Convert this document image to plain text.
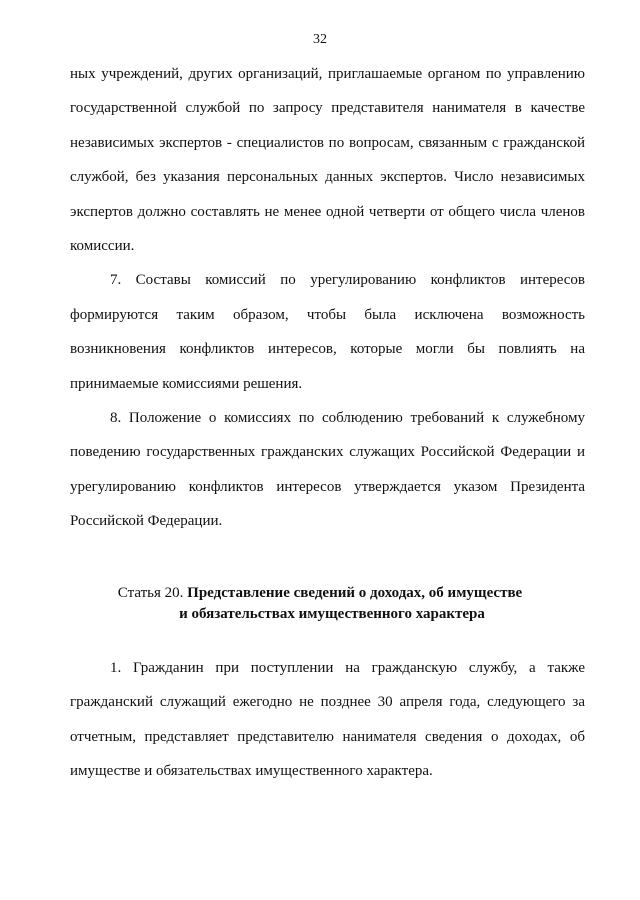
32

ных учреждений, других организаций, приглашаемые органом по управлению государственной службой по запросу представителя нанимателя в качестве независимых экспертов - специалистов по вопросам, связанным с гражданской службой, без указания персональных данных экспертов. Число независимых экспертов должно составлять не менее одной четверти от общего числа членов комиссии.

7. Составы комиссий по урегулированию конфликтов интересов формируются таким образом, чтобы была исключена возможность возникновения конфликтов интересов, которые могли бы повлиять на принимаемые комиссиями решения.

8. Положение о комиссиях по соблюдению требований к служебному поведению государственных гражданских служащих Российской Федерации и урегулированию конфликтов интересов утверждается указом Президента Российской Федерации.

Статья 20. Представление сведений о доходах, об имуществе
и обязательствах имущественного характера

1. Гражданин при поступлении на гражданскую службу, а также гражданский служащий ежегодно не позднее 30 апреля года, следующего за отчетным, представляет представителю нанимателя сведения о доходах, об имуществе и обязательствах имущественного характера.
